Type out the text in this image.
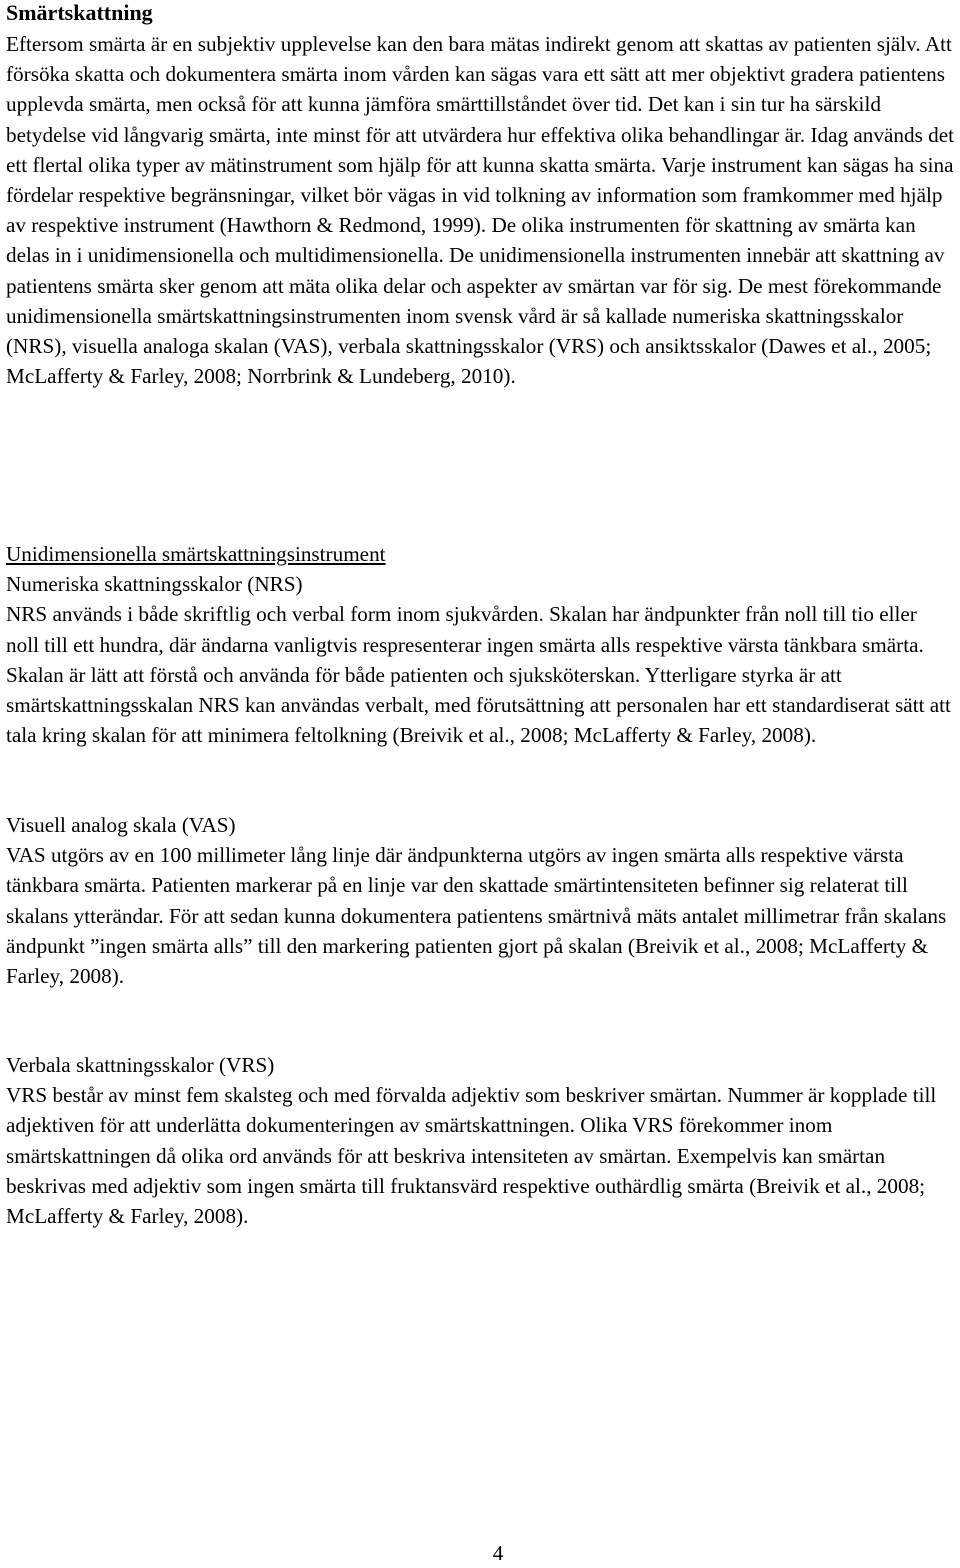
Smärtskattning

Eftersom smärta är en subjektiv upplevelse kan den bara mätas indirekt genom att skattas av patienten själv. Att försöka skatta och dokumentera smärta inom vården kan sägas vara ett sätt att mer objektivt gradera patientens upplevda smärta, men också för att kunna jämföra smärttillståndet över tid. Det kan i sin tur ha särskild betydelse vid långvarig smärta, inte minst för att utvärdera hur effektiva olika behandlingar är. Idag används det ett flertal olika typer av mätinstrument som hjälp för att kunna skatta smärta. Varje instrument kan sägas ha sina fördelar respektive begränsningar, vilket bör vägas in vid tolkning av information som framkommer med hjälp av respektive instrument (Hawthorn & Redmond, 1999). De olika instrumenten för skattning av smärta kan delas in i unidimensionella och multidimensionella. De unidimensionella instrumenten innebär att skattning av patientens smärta sker genom att mäta olika delar och aspekter av smärtan var för sig. De mest förekommande unidimensionella smärtskattningsinstrumenten inom svensk vård är så kallade numeriska skattningsskalor (NRS), visuella analoga skalan (VAS), verbala skattningsskalor (VRS) och ansiktsskalor (Dawes et al., 2005; McLafferty & Farley, 2008; Norrbrink & Lundeberg, 2010).

Unidimensionella smärtskattningsinstrument
Numeriska skattningsskalor (NRS)

NRS används i både skriftlig och verbal form inom sjukvården. Skalan har ändpunkter från noll till tio eller noll till ett hundra, där ändarna vanligtvis respresenterar ingen smärta alls respektive värsta tänkbara smärta. Skalan är lätt att förstå och använda för både patienten och sjuksköterskan. Ytterligare styrka är att smärtskattningsskalan NRS kan användas verbalt, med förutsättning att personalen har ett standardiserat sätt att tala kring skalan för att minimera feltolkning (Breivik et al., 2008; McLafferty & Farley, 2008).

Visuell analog skala (VAS)

VAS utgörs av en 100 millimeter lång linje där ändpunkterna utgörs av ingen smärta alls respektive värsta tänkbara smärta. Patienten markerar på en linje var den skattade smärtintensiteten befinner sig relaterat till skalans ytterändar. För att sedan kunna dokumentera patientens smärtnivå mäts antalet millimetrar från skalans ändpunkt ”ingen smärta alls” till den markering patienten gjort på skalan (Breivik et al., 2008; McLafferty & Farley, 2008).

Verbala skattningsskalor (VRS)

VRS består av minst fem skalsteg och med förvalda adjektiv som beskriver smärtan. Nummer är kopplade till adjektiven för att underlätta dokumenteringen av smärtskattningen. Olika VRS förekommer inom smärtskattningen då olika ord används för att beskriva intensiteten av smärtan. Exempelvis kan smärtan beskrivas med adjektiv som ingen smärta till fruktansvärd respektive outhärdlig smärta (Breivik et al., 2008; McLafferty & Farley, 2008).

4
